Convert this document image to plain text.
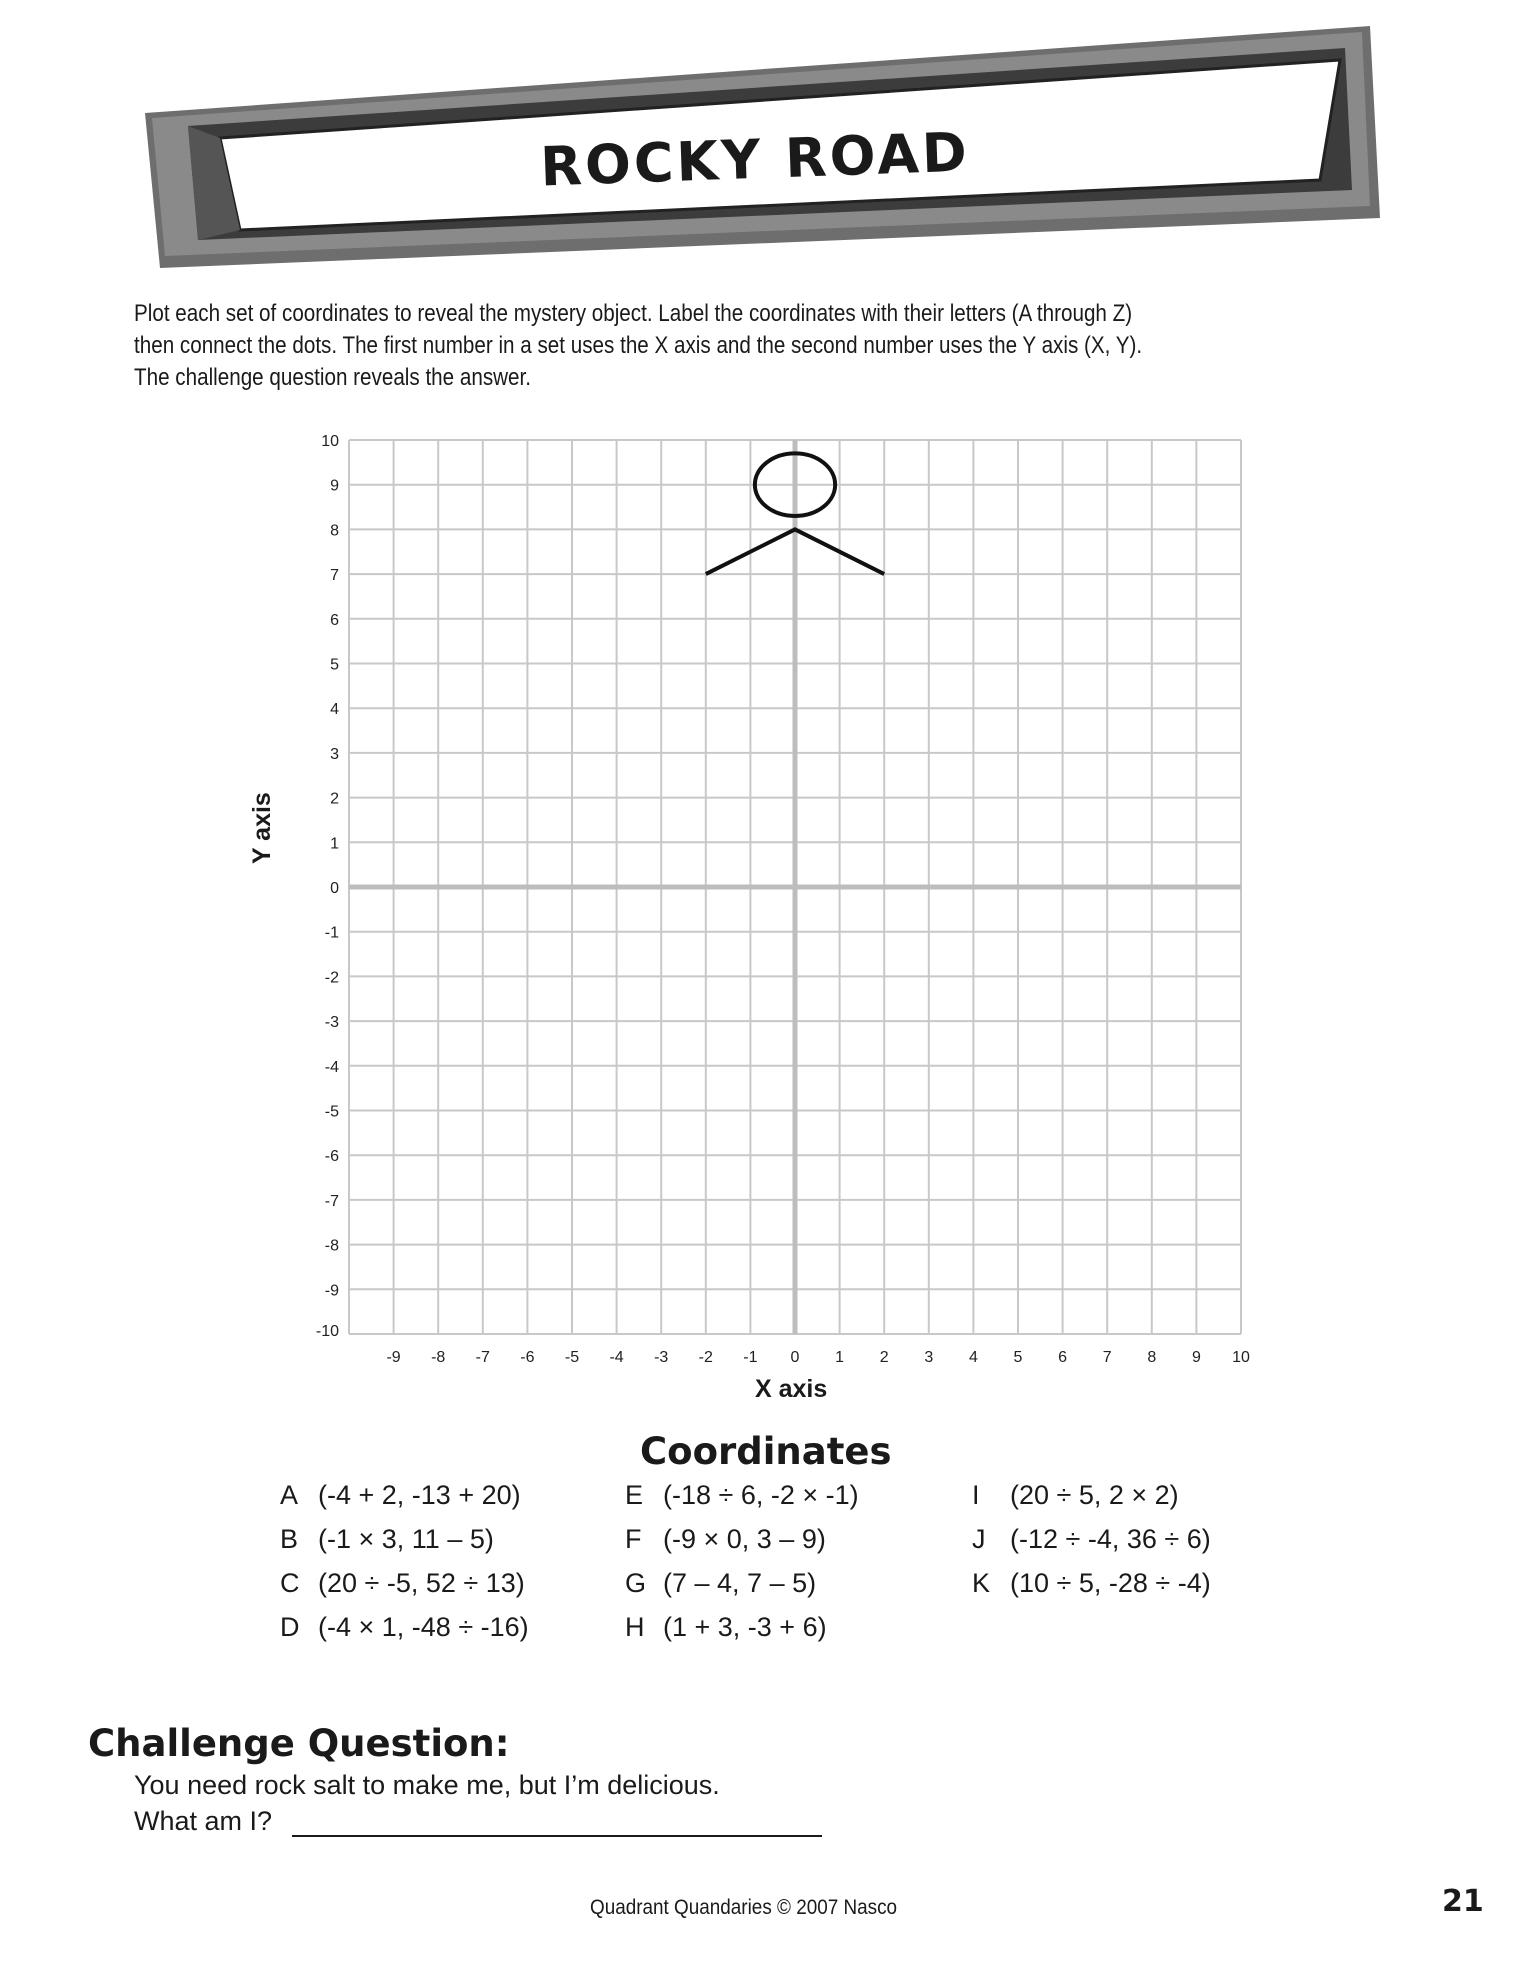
ROCKY ROAD
Plot each set of coordinates to reveal the mystery object. Label the coordinates with their letters (A through Z)
then connect the dots. The first number in a set uses the X axis and the second number uses the Y axis (X, Y).
The challenge question reveals the answer.
10
9
8
7
6
5
4
3
2
1
0
-1
-2
-3
-4
-5
-6
-7
-8
-9
-10
-9 -8 -7 -6 -5 -4 -3 -2 -1 0 1 2 3 4 5 6 7 8 9 10
Y axis
X axis
Coordinates
A (-4 + 2, -13 + 20)
B (-1 × 3, 11 – 5)
C (20 ÷ -5, 52 ÷ 13)
D (-4 × 1, -48 ÷ -16)
E (-18 ÷ 6, -2 × -1)
F (-9 × 0, 3 – 9)
G (7 – 4, 7 – 5)
H (1 + 3, -3 + 6)
I (20 ÷ 5, 2 × 2)
J (-12 ÷ -4, 36 ÷ 6)
K (10 ÷ 5, -28 ÷ -4)
Challenge Question:
You need rock salt to make me, but I’m delicious.
What am I?
Quadrant Quandaries © 2007 Nasco	21
